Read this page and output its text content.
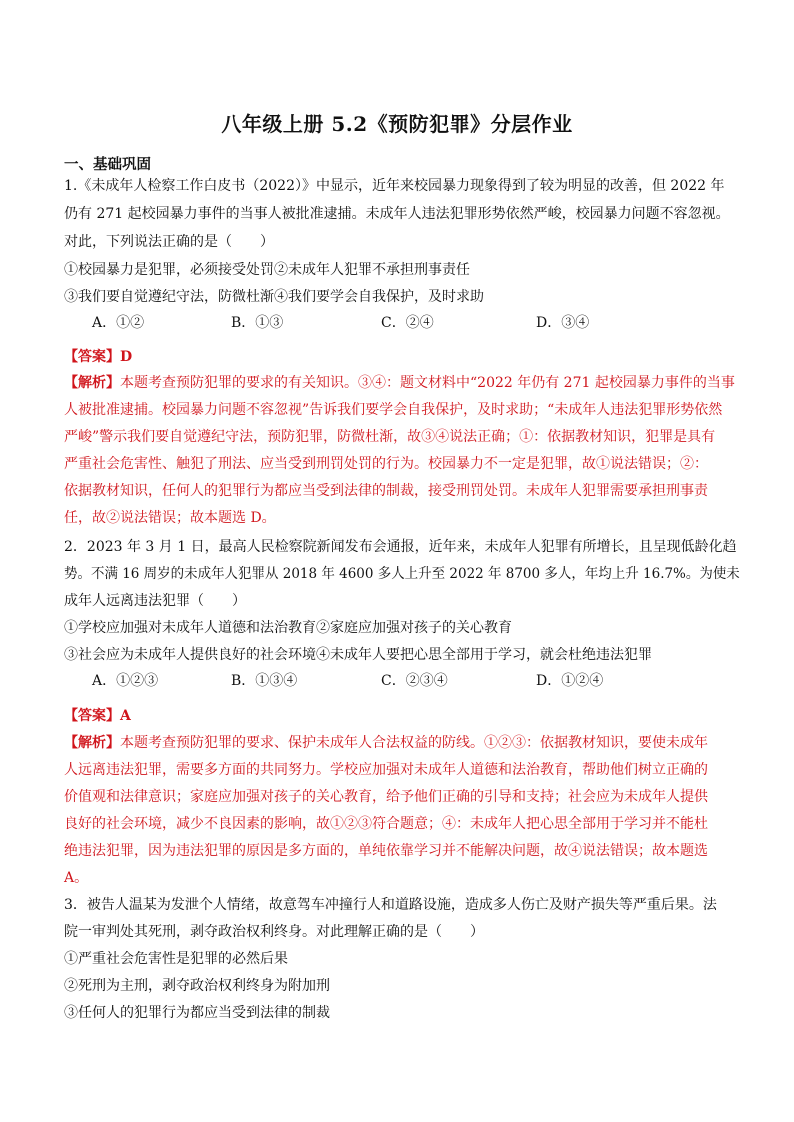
八年级上册 5.2《预防犯罪》分层作业
一、基础巩固
1.《未成年人检察工作白皮书（2022）》中显示，近年来校园暴力现象得到了较为明显的改善，但 2022 年
仍有 271 起校园暴力事件的当事人被批准逮捕。未成年人违法犯罪形势依然严峻，校园暴力问题不容忽视。
对此，下列说法正确的是（　　）
①校园暴力是犯罪，必须接受处罚②未成年人犯罪不承担刑事责任
③我们要自觉遵纪守法，防微杜渐④我们要学会自我保护，及时求助
A．①②	B．①③	C．②④	D．③④
【答案】D
【解析】本题考查预防犯罪的要求的有关知识。③④：题文材料中“2022 年仍有 271 起校园暴力事件的当事
人被批准逮捕。校园暴力问题不容忽视”告诉我们要学会自我保护，及时求助；“未成年人违法犯罪形势依然
严峻”警示我们要自觉遵纪守法，预防犯罪，防微杜渐，故③④说法正确；①：依据教材知识，犯罪是具有
严重社会危害性、触犯了刑法、应当受到刑罚处罚的行为。校园暴力不一定是犯罪，故①说法错误；②：
依据教材知识，任何人的犯罪行为都应当受到法律的制裁，接受刑罚处罚。未成年人犯罪需要承担刑事责
任，故②说法错误；故本题选 D。
2．2023 年 3 月 1 日，最高人民检察院新闻发布会通报，近年来，未成年人犯罪有所增长，且呈现低龄化趋
势。不满 16 周岁的未成年人犯罪从 2018 年 4600 多人上升至 2022 年 8700 多人，年均上升 16.7%。为使未
成年人远离违法犯罪（　　）
①学校应加强对未成年人道德和法治教育②家庭应加强对孩子的关心教育
③社会应为未成年人提供良好的社会环境④未成年人要把心思全部用于学习，就会杜绝违法犯罪
A．①②③	B．①③④	C．②③④	D．①②④
【答案】A
【解析】本题考查预防犯罪的要求、保护未成年人合法权益的防线。①②③：依据教材知识，要使未成年
人远离违法犯罪，需要多方面的共同努力。学校应加强对未成年人道德和法治教育，帮助他们树立正确的
价值观和法律意识；家庭应加强对孩子的关心教育，给予他们正确的引导和支持；社会应为未成年人提供
良好的社会环境，减少不良因素的影响，故①②③符合题意；④：未成年人把心思全部用于学习并不能杜
绝违法犯罪，因为违法犯罪的原因是多方面的，单纯依靠学习并不能解决问题，故④说法错误；故本题选
A。
3．被告人温某为发泄个人情绪，故意驾车冲撞行人和道路设施，造成多人伤亡及财产损失等严重后果。法
院一审判处其死刑，剥夺政治权利终身。对此理解正确的是（　　）
①严重社会危害性是犯罪的必然后果
②死刑为主刑，剥夺政治权利终身为附加刑
③任何人的犯罪行为都应当受到法律的制裁
